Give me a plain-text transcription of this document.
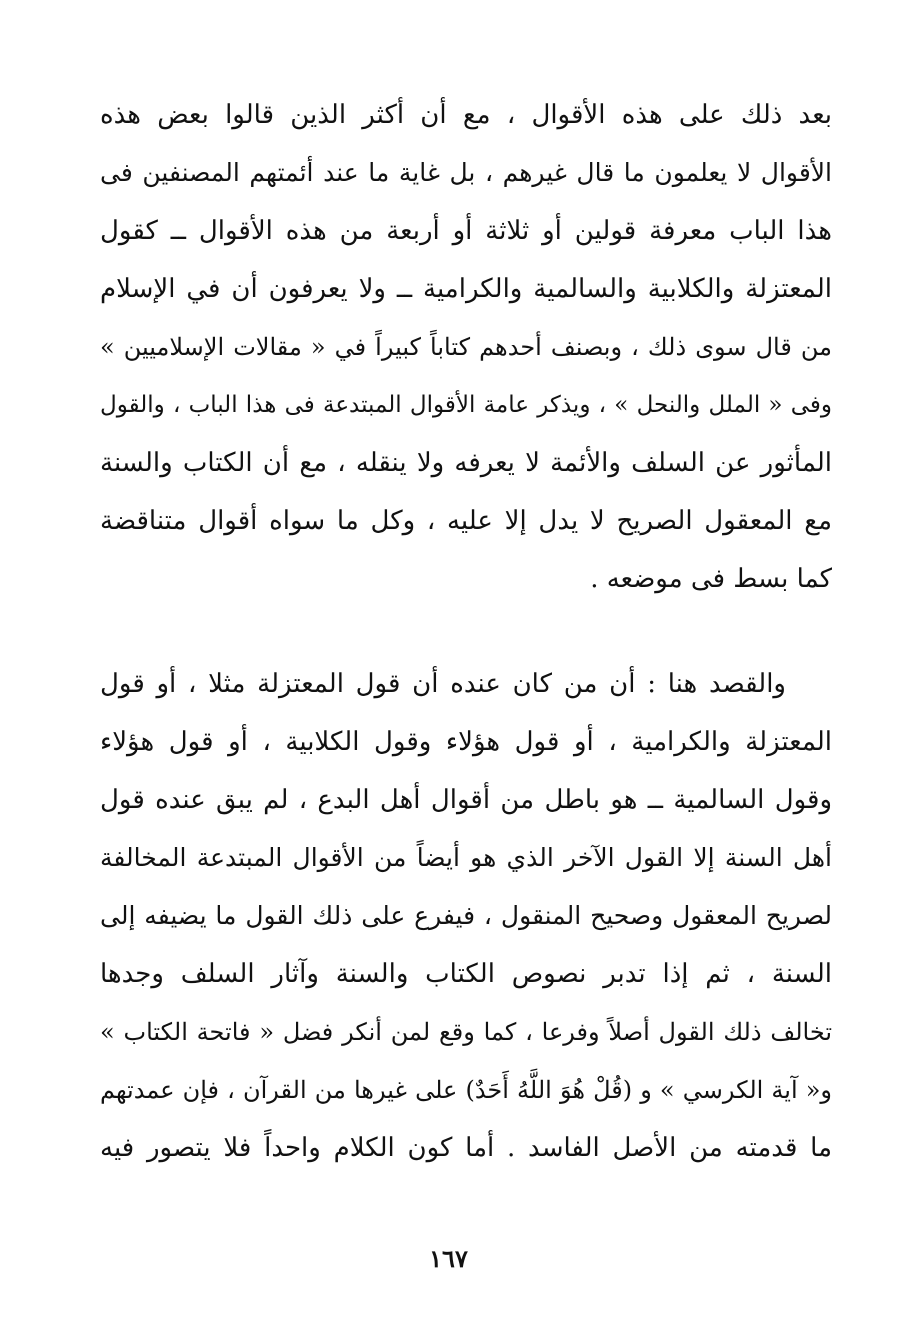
بعد ذلك على هذه الأقوال ، مع أن أكثر الذين قالوا بعض هذه
الأقوال لا يعلمون ما قال غيرهم ، بل غاية ما عند أئمتهم المصنفين فى
هذا الباب معرفة قولين أو ثلاثة أو أربعة من هذه الأقوال ــ كقول
المعتزلة والكلابية والسالمية والكرامية ــ ولا يعرفون أن في الإسلام
من قال سوى ذلك ، وبصنف أحدهم كتاباً كبيراً في « مقالات الإسلاميين »
وفى « الملل والنحل » ، ويذكر عامة الأقوال المبتدعة فى هذا الباب ، والقول
المأثور عن السلف والأئمة لا يعرفه ولا ينقله ، مع أن الكتاب والسنة
مع المعقول الصريح لا يدل إلا عليه ، وكل ما سواه أقوال متناقضة
كما بسط فى موضعه .
والقصد هنا : أن من كان عنده أن قول المعتزلة مثلا ، أو قول
المعتزلة والكرامية ، أو قول هؤلاء وقول الكلابية ، أو قول هؤلاء
وقول السالمية ــ هو باطل من أقوال أهل البدع ، لم يبق عنده قول
أهل السنة إلا القول الآخر الذي هو أيضاً من الأقوال المبتدعة المخالفة
لصريح المعقول وصحيح المنقول ، فيفرع على ذلك القول ما يضيفه إلى
السنة ، ثم إذا تدبر نصوص الكتاب والسنة وآثار السلف وجدها
تخالف ذلك القول أصلاً وفرعا ، كما وقع لمن أنكر فضل « فاتحة الكتاب »
و« آية الكرسي » و (قُلْ هُوَ اللَّهُ أَحَدٌ) على غيرها من القرآن ، فإن عمدتهم
ما قدمته من الأصل الفاسد . أما كون الكلام واحداً فلا يتصور فيه
١٦٧
